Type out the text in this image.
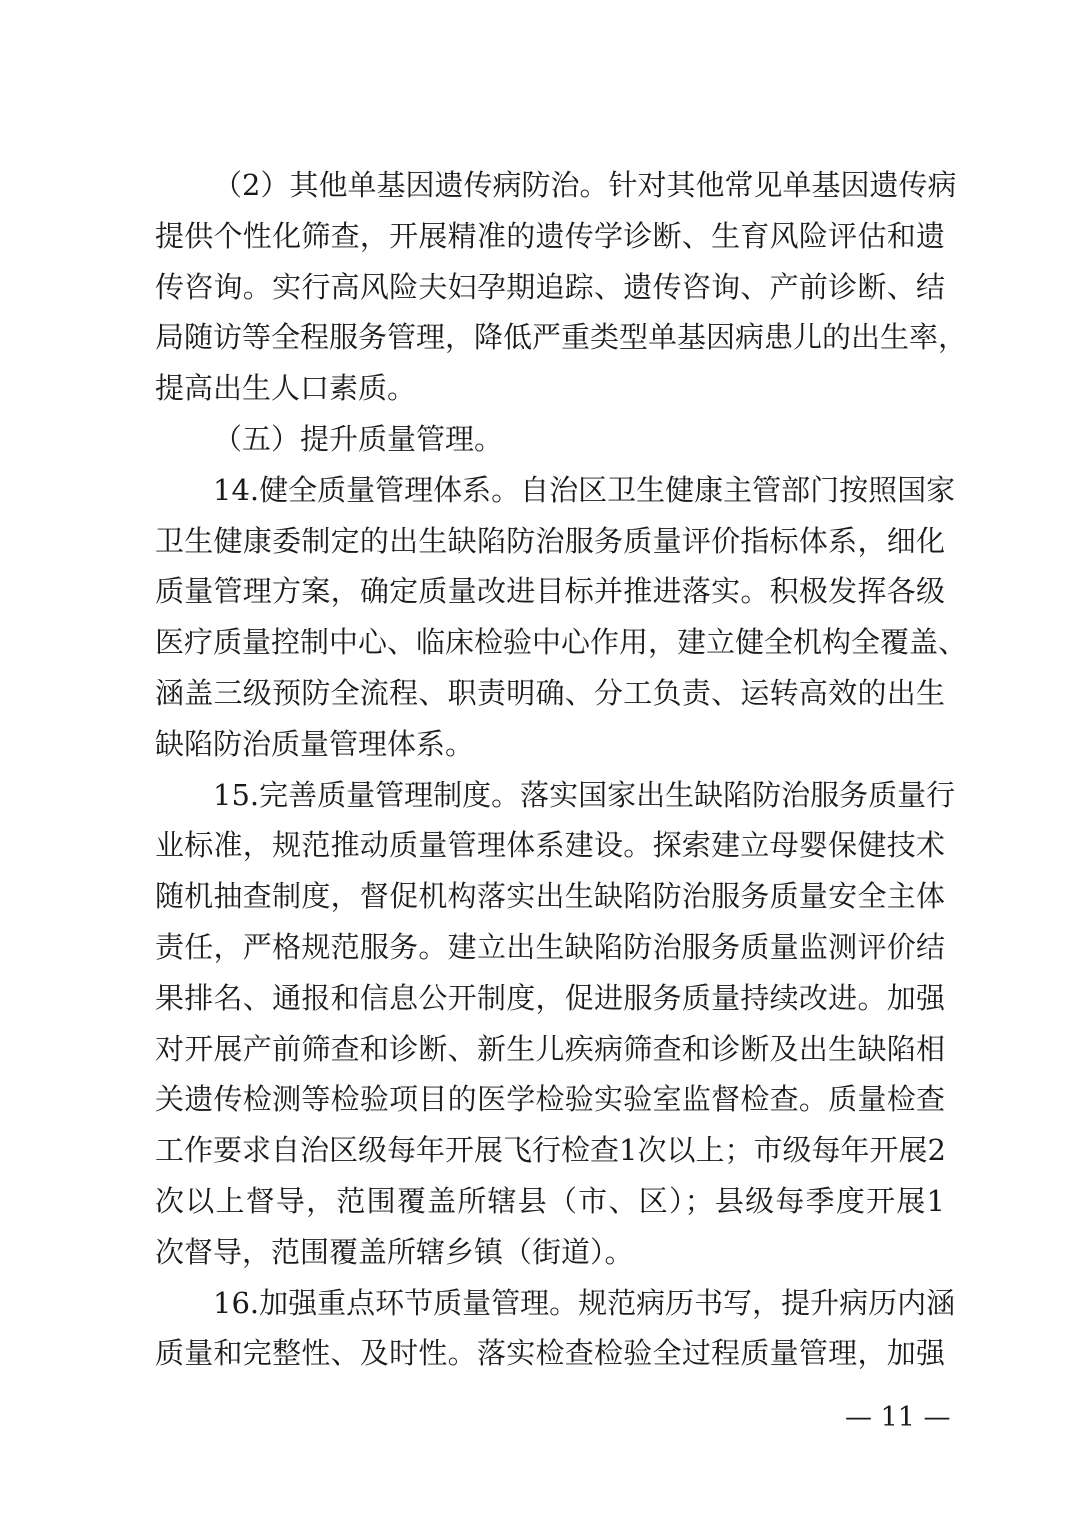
（2）其他单基因遗传病防治。针对其他常见单基因遗传病
提供个性化筛查，开展精准的遗传学诊断、生育风险评估和遗
传咨询。实行高风险夫妇孕期追踪、遗传咨询、产前诊断、结
局随访等全程服务管理，降低严重类型单基因病患儿的出生率，
提高出生人口素质。
（五）提升质量管理。
14.健全质量管理体系。自治区卫生健康主管部门按照国家
卫生健康委制定的出生缺陷防治服务质量评价指标体系，细化
质量管理方案，确定质量改进目标并推进落实。积极发挥各级
医疗质量控制中心、临床检验中心作用，建立健全机构全覆盖、
涵盖三级预防全流程、职责明确、分工负责、运转高效的出生
缺陷防治质量管理体系。
15.完善质量管理制度。落实国家出生缺陷防治服务质量行
业标准，规范推动质量管理体系建设。探索建立母婴保健技术
随机抽查制度，督促机构落实出生缺陷防治服务质量安全主体
责任，严格规范服务。建立出生缺陷防治服务质量监测评价结
果排名、通报和信息公开制度，促进服务质量持续改进。加强
对开展产前筛查和诊断、新生儿疾病筛查和诊断及出生缺陷相
关遗传检测等检验项目的医学检验实验室监督检查。质量检查
工作要求自治区级每年开展飞行检查1次以上；市级每年开展2
次以上督导，范围覆盖所辖县（市、区）；县级每季度开展1
次督导，范围覆盖所辖乡镇（街道）。
16.加强重点环节质量管理。规范病历书写，提升病历内涵
质量和完整性、及时性。落实检查检验全过程质量管理，加强
— 11 —
